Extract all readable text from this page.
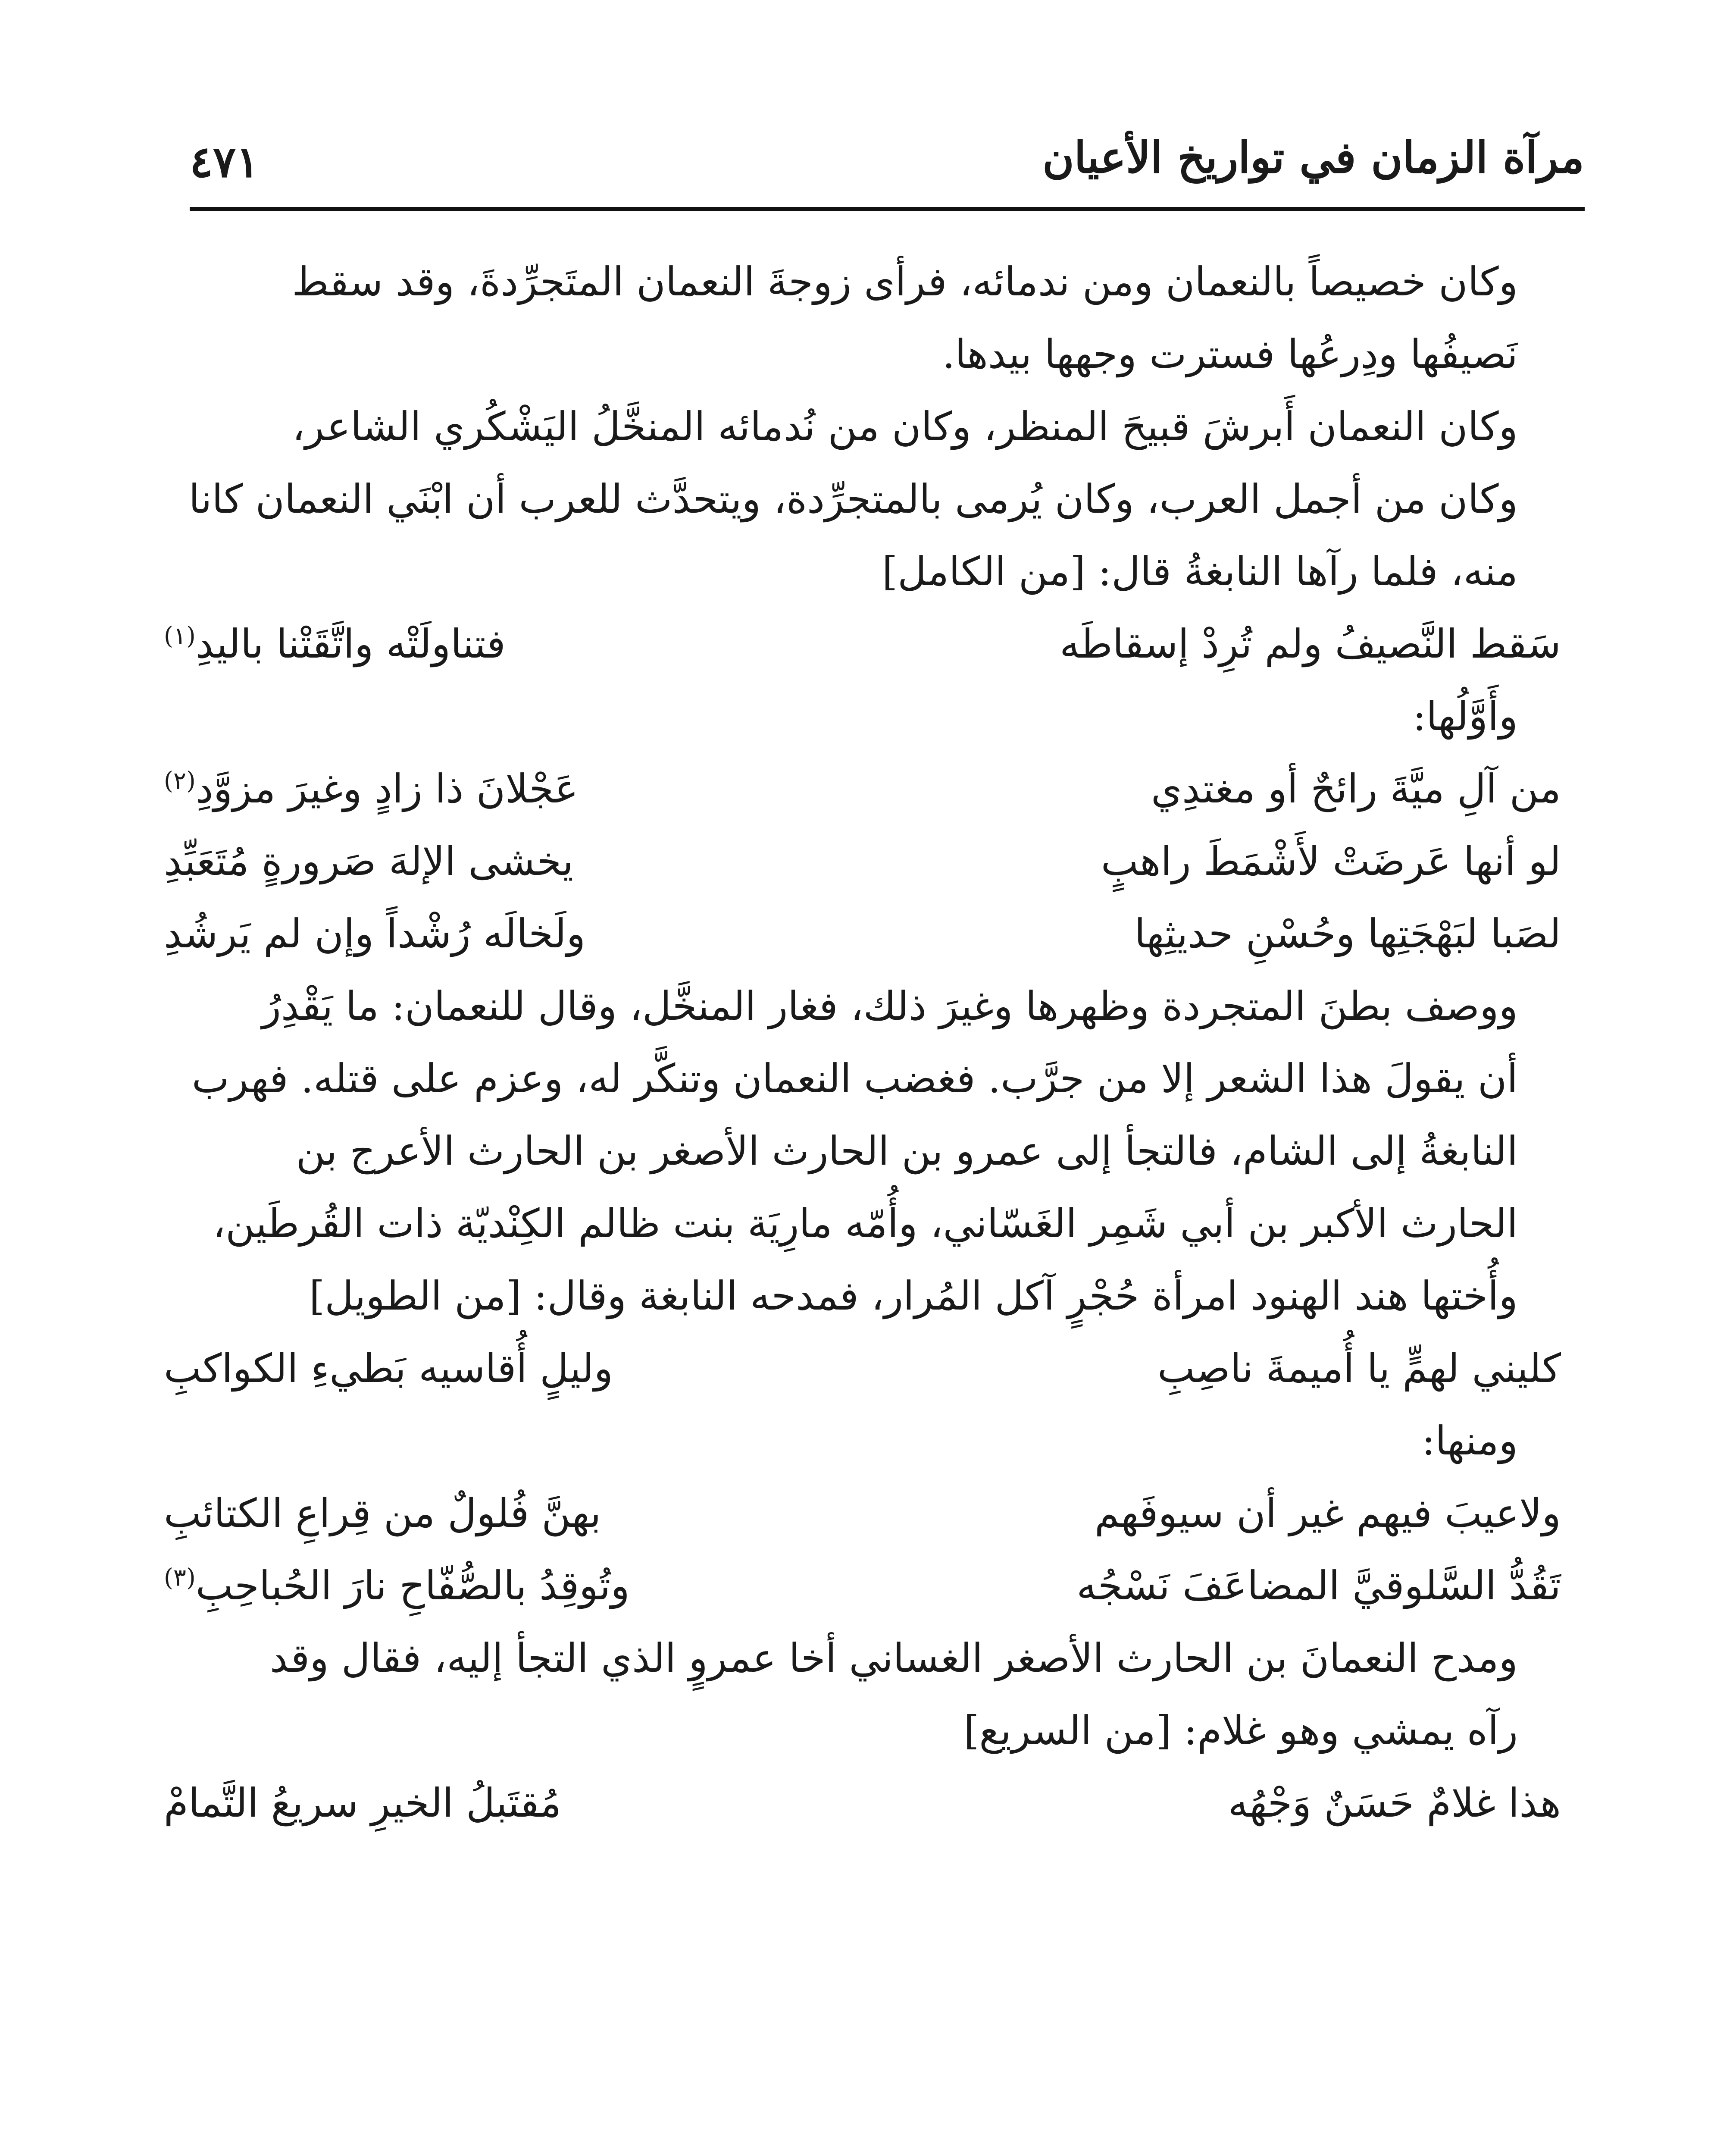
مرآة الزمان في تواريخ الأعيان
٤٧١
وكان خصيصاً بالنعمان ومن ندمائه، فرأى زوجةَ النعمان المتَجرِّدةَ، وقد سقط
نَصيفُها ودِرعُها فسترت وجهها بيدها.
وكان النعمان أَبرشَ قبيحَ المنظر، وكان من نُدمائه المنخَّلُ اليَشْكُري الشاعر،
وكان من أجمل العرب، وكان يُرمى بالمتجرِّدة، ويتحدَّث للعرب أن ابْنَي النعمان كانا
منه، فلما رآها النابغةُ قال: [من الكامل]
سَقط النَّصيفُ ولم تُرِدْ إسقاطَه
فتناولَتْه واتَّقَتْنا باليدِ$^{(١)}$
وأَوَّلُها:
من آلِ ميَّةَ رائحٌ أو مغتدِي
عَجْلانَ ذا زادٍ وغيرَ مزوَّدِ$^{(٢)}$
لو أنها عَرضَتْ لأَشْمَطَ راهبٍ
يخشى الإلهَ صَرورةٍ مُتَعَبِّدِ
لصَبا لبَهْجَتِها وحُسْنِ حديثِها
ولَخالَه رُشْداً وإن لم يَرشُدِ
ووصف بطنَ المتجردة وظهرها وغيرَ ذلك، فغار المنخَّل، وقال للنعمان: ما يَقْدِرُ
أن يقولَ هذا الشعر إلا من جرَّب. فغضب النعمان وتنكَّر له، وعزم على قتله. فهرب
النابغةُ إلى الشام، فالتجأ إلى عمرو بن الحارث الأصغر بن الحارث الأعرج بن
الحارث الأكبر بن أبي شَمِر الغَسّاني، وأُمّه مارِيَة بنت ظالم الكِنْديّة ذات القُرطَين،
وأُختها هند الهنود امرأة حُجْرٍ آكل المُرار، فمدحه النابغة وقال: [من الطويل]
كليني لهمٍّ يا أُميمةَ ناصِبِ
وليلٍ أُقاسيه بَطيءِ الكواكبِ
ومنها:
ولاعيبَ فيهم غير أن سيوفَهم
بهنَّ فُلولٌ من قِراعِ الكتائبِ
تَقُدُّ السَّلوقيَّ المضاعَفَ نَسْجُه
وتُوقِدُ بالصُّفّاحِ نارَ الحُباحِبِ$^{(٣)}$
ومدح النعمانَ بن الحارث الأصغر الغساني أخا عمروٍ الذي التجأ إليه، فقال وقد
رآه يمشي وهو غلام: [من السريع]
هذا غلامٌ حَسَنٌ وَجْهُه
مُقتَبلُ الخيرِ سريعُ التَّمامْ
